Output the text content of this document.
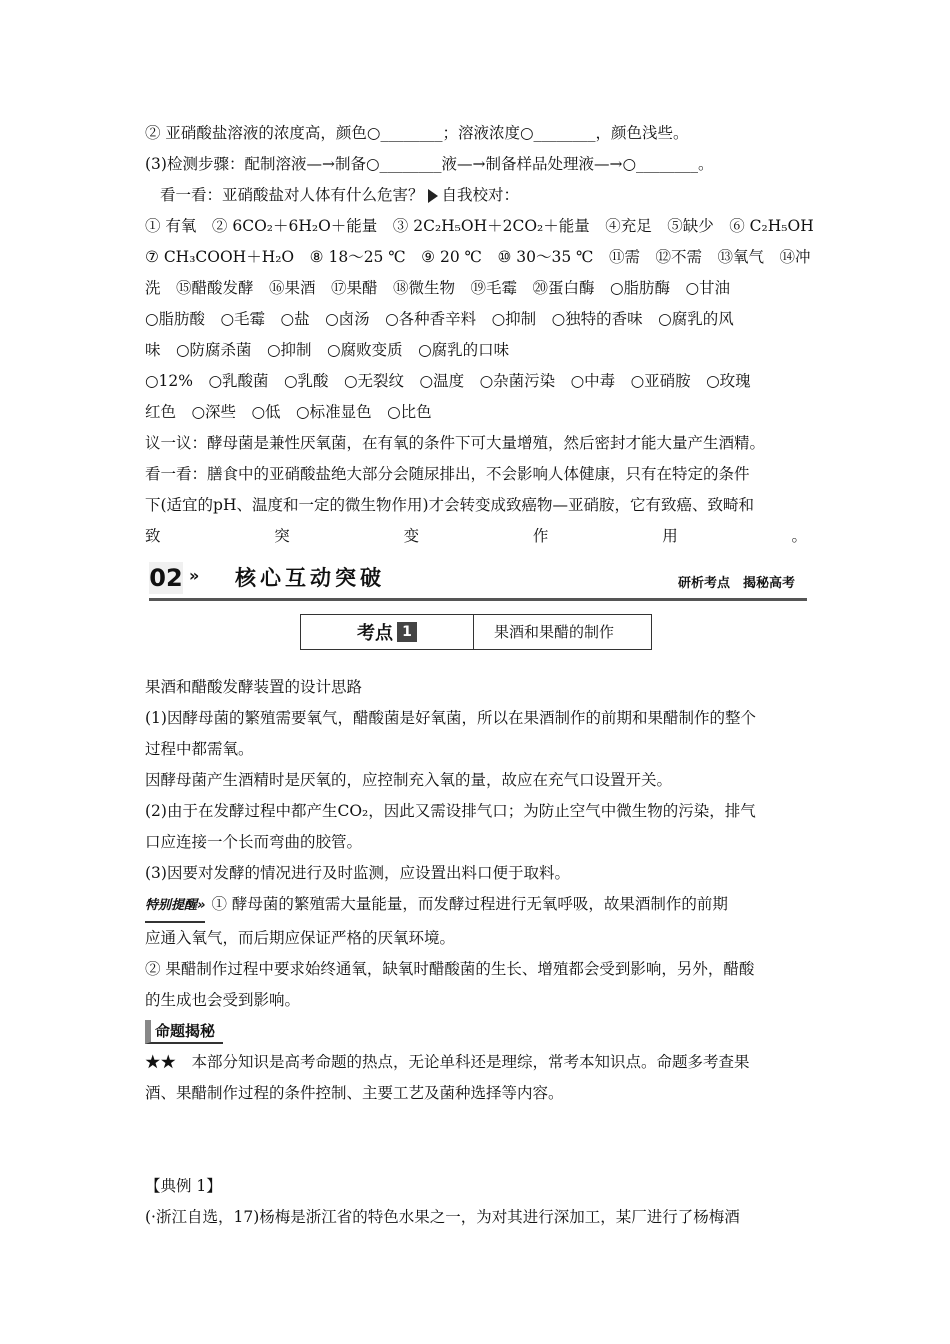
② 亚硝酸盐溶液的浓度高，颜色○________；溶液浓度○________，颜色浅些。
(3)检测步骤：配制溶液—→制备○________液—→制备样品处理液—→○________。
看一看：亚硝酸盐对人体有什么危害？ 自我校对：
① 有氧　② 6CO₂＋6H₂O＋能量　③ 2C₂H₅OH＋2CO₂＋能量　④充足　⑤缺少　⑥ C₂H₅OH
⑦ CH₃COOH＋H₂O　⑧ 18～25 ℃　⑨ 20 ℃　⑩ 30～35 ℃　⑪需　⑫不需　⑬氧气　⑭冲
洗　⑮醋酸发酵　⑯果酒　⑰果醋　⑱微生物　⑲毛霉　⑳蛋白酶　○脂肪酶　○甘油
○脂肪酸　○毛霉　○盐　○卤汤　○各种香辛料　○抑制　○独特的香味　○腐乳的风
味　○防腐杀菌　○抑制　○腐败变质　○腐乳的口味
○12%　○乳酸菌　○乳酸　○无裂纹　○温度　○杂菌污染　○中毒　○亚硝胺　○玫瑰
红色　○深些　○低　○标准显色　○比色
议一议：酵母菌是兼性厌氧菌，在有氧的条件下可大量增殖，然后密封才能大量产生酒精。
看一看：膳食中的亚硝酸盐绝大部分会随尿排出，不会影响人体健康，只有在特定的条件
下(适宜的pH、温度和一定的微生物作用)才会转变成致癌物—亚硝胺，它有致癌、致畸和
致	突	变	作	用	。
02 » 核心互动突破	研析考点　揭秘高考
考点 1	果酒和果醋的制作
果酒和醋酸发酵装置的设计思路
(1)因酵母菌的繁殖需要氧气，醋酸菌是好氧菌，所以在果酒制作的前期和果醋制作的整个
过程中都需氧。
因酵母菌产生酒精时是厌氧的，应控制充入氧的量，故应在充气口设置开关。
(2)由于在发酵过程中都产生CO₂，因此又需设排气口；为防止空气中微生物的污染，排气
口应连接一个长而弯曲的胶管。
(3)因要对发酵的情况进行及时监测，应设置出料口便于取料。
特别提醒» ① 酵母菌的繁殖需大量能量，而发酵过程进行无氧呼吸，故果酒制作的前期
应通入氧气，而后期应保证严格的厌氧环境。
② 果醋制作过程中要求始终通氧，缺氧时醋酸菌的生长、增殖都会受到影响，另外，醋酸
的生成也会受到影响。
命题揭秘
★★　本部分知识是高考命题的热点，无论单科还是理综，常考本知识点。命题多考查果
酒、果醋制作过程的条件控制、主要工艺及菌种选择等内容。
【典例 1】
(·浙江自选，17)杨梅是浙江省的特色水果之一，为对其进行深加工，某厂进行了杨梅酒
